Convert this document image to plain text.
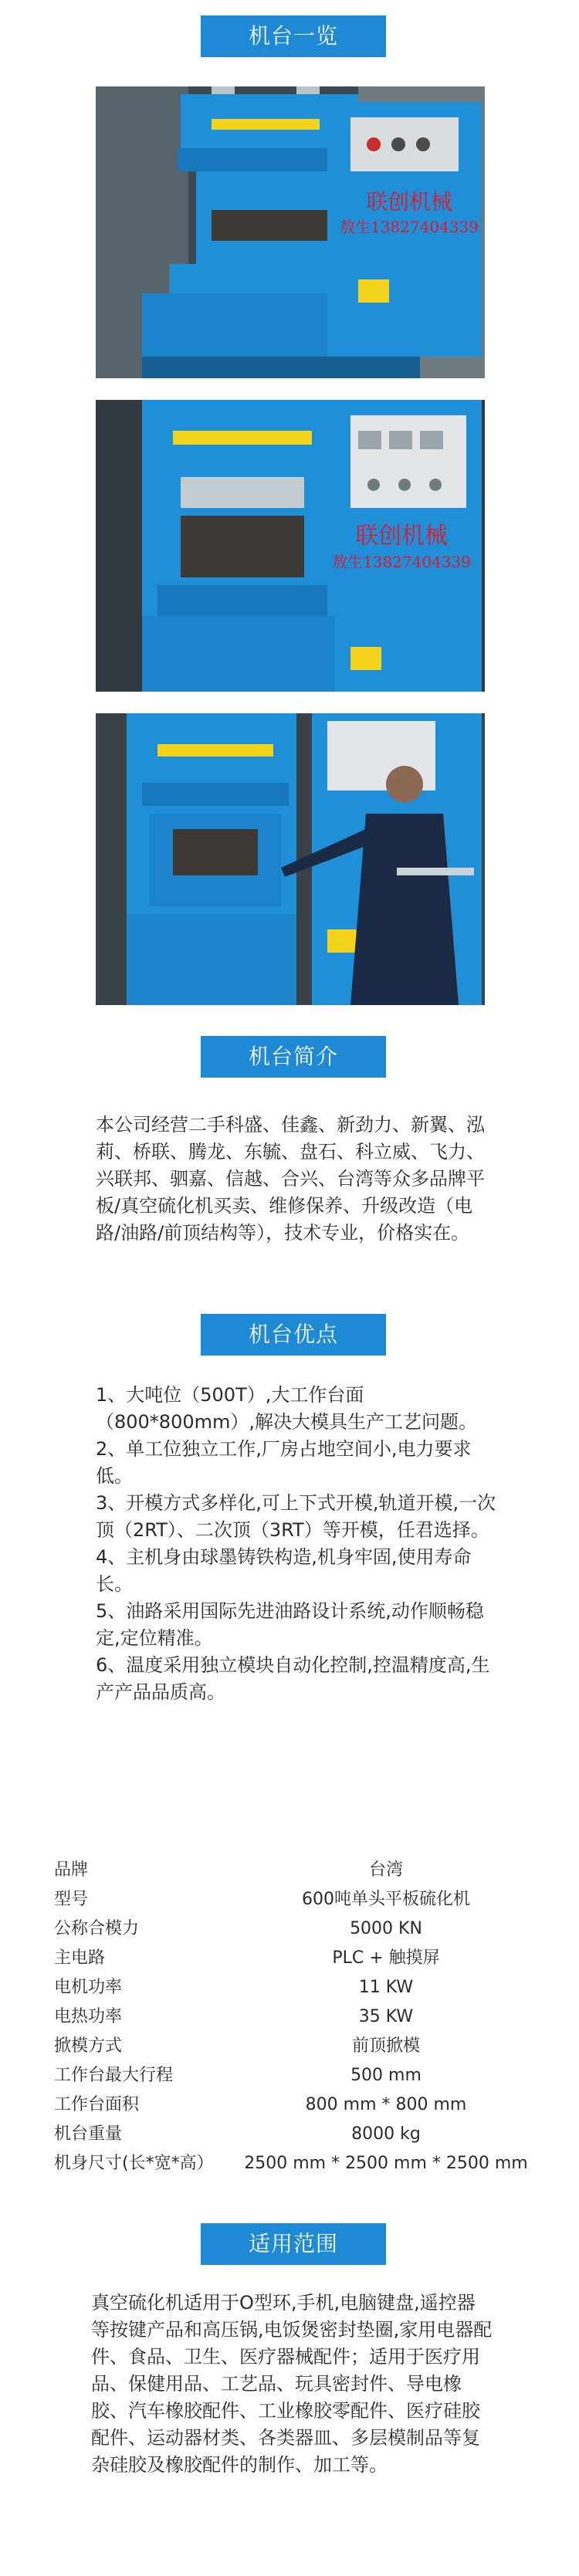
机台一览
联创机械
敖生13827404339
联创机械
敖生13827404339
机台简介

本公司经营二手科盛、佳鑫、新劲力、新翼、泓莉、桥联、腾龙、东毓、盘石、科立威、飞力、兴联邦、驷嘉、信越、合兴、台湾等众多品牌平板/真空硫化机买卖、维修保养、升级改造（电路/油路/前顶结构等），技术专业，价格实在。

机台优点
1、大吨位（500T）,大工作台面（800*800mm）,解决大模具生产工艺问题。
2、单工位独立工作,厂房占地空间小,电力要求低。
3、开模方式多样化,可上下式开模,轨道开模,一次顶（2RT）、二次顶（3RT）等开模，任君选择。
4、主机身由球墨铸铁构造,机身牢固,使用寿命长。
5、油路采用国际先进油路设计系统,动作顺畅稳定,定位精准。
6、温度采用独立模块自动化控制,控温精度高,生产产品品质高。
品牌	台湾
型号	600吨单头平板硫化机
公称合模力	5000 KN
主电路	PLC + 触摸屏
电机功率	11 KW
电热功率	35 KW
掀模方式	前顶掀模
工作台最大行程	500 mm
工作台面积	800 mm * 800 mm
机台重量	8000 kg
机身尺寸(长*宽*高）	2500 mm * 2500 mm * 2500 mm
适用范围

真空硫化机适用于O型环,手机,电脑键盘,遥控器等按键产品和高压锅,电饭煲密封垫圈,家用电器配件、食品、卫生、医疗器械配件；适用于医疗用品、保健用品、工艺品、玩具密封件、导电橡胶、汽车橡胶配件、工业橡胶零配件、医疗硅胶配件、运动器材类、各类器皿、多层模制品等复杂硅胶及橡胶配件的制作、加工等。
